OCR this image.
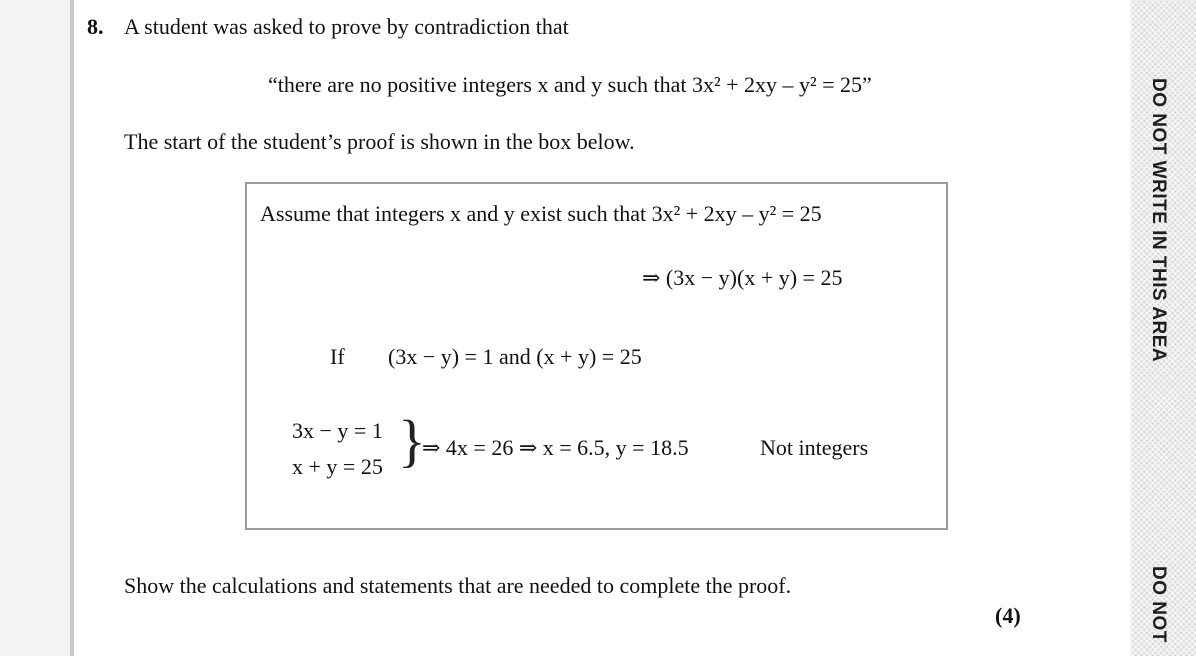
8. A student was asked to prove by contradiction that
“there are no positive integers x and y such that 3x² + 2xy – y² = 25”
The start of the student’s proof is shown in the box below.
Assume that integers x and y exist such that 3x² + 2xy – y² = 25
⇒ (3x − y)(x + y) = 25
If (3x − y) = 1 and (x + y) = 25
3x − y = 1
x + y = 25 }
⇒ 4x = 26 ⇒ x = 6.5, y = 18.5	Not integers
Show the calculations and statements that are needed to complete the proof.
(4)
DO NOT WRITE IN THIS AREA
DO NOT
